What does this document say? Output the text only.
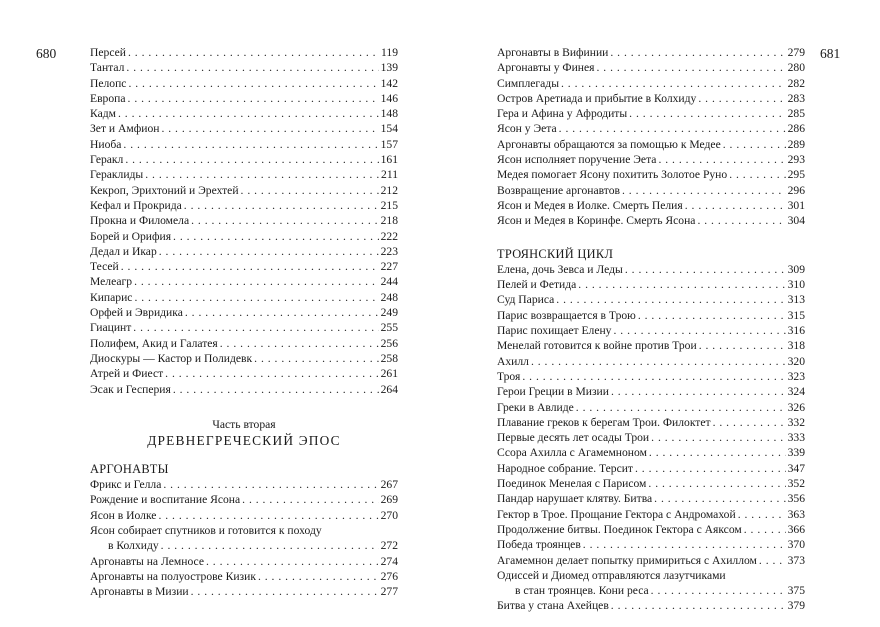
680	681
Персей . . .	119
Тантал . . .	139
Пелопс . . .	142
Европа . . .	146
Кадм . . .	148
Зет и Амфион . . .	154
Ниоба . . .	157
Геракл . . .	161
Гераклиды . . .	211
Кекроп, Эрихтоний и Эрехтей . . .	212
Кефал и Прокрида . . .	215
Прокна и Филомела . . .	218
Борей и Орифия . . .	222
Дедал и Икар . . .	223
Тесей . . .	227
Мелеагр . . .	244
Кипарис . . .	248
Орфей и Эвридика . . .	249
Гиацинт . . .	255
Полифем, Акид и Галатея . . .	256
Диоскуры — Кастор и Полидевк . . .	258
Атрей и Фиест . . .	261
Эсак и Гесперия . . .	264
Часть вторая
ДРЕВНЕГРЕЧЕСКИЙ ЭПОС
АРГОНАВТЫ
Фрикс и Гелла . . .	267
Рождение и воспитание Ясона . . .	269
Ясон в Иолке . . .	270
Ясон собирает спутников и готовится к походу
в Колхиду . . .	272
Аргонавты на Лемносе . . .	274
Аргонавты на полуострове Кизик . . .	276
Аргонавты в Мизии . . .	277
Аргонавты в Вифинии . . .	279
Аргонавты у Финея . . .	280
Симплегады . . .	282
Остров Аретиада и прибытие в Колхиду . . .	283
Гера и Афина у Афродиты . . .	285
Ясон у Эета . . .	286
Аргонавты обращаются за помощью к Медее . . .	289
Ясон исполняет поручение Эета . . .	293
Медея помогает Ясону похитить Золотое Руно . . .	295
Возвращение аргонавтов . . .	296
Ясон и Медея в Иолке. Смерть Пелия . . .	301
Ясон и Медея в Коринфе. Смерть Ясона . . .	304
ТРОЯНСКИЙ ЦИКЛ
Елена, дочь Зевса и Леды . . .	309
Пелей и Фетида . . .	310
Суд Париса . . .	313
Парис возвращается в Трою . . .	315
Парис похищает Елену . . .	316
Менелай готовится к войне против Трои . . .	318
Ахилл . . .	320
Троя . . .	323
Герои Греции в Мизии . . .	324
Греки в Авлиде . . .	326
Плавание греков к берегам Трои. Филоктет . . .	332
Первые десять лет осады Трои . . .	333
Ссора Ахилла с Агамемноном . . .	339
Народное собрание. Терсит . . .	347
Поединок Менелая с Парисом . . .	352
Пандар нарушает клятву. Битва . . .	356
Гектор в Трое. Прощание Гектора с Андромахой . . .	363
Продолжение битвы. Поединок Гектора с Аяксом . . .	366
Победа троянцев . . .	370
Агамемнон делает попытку примириться с Ахиллом . . .	373
Одиссей и Диомед отправляются лазутчиками
в стан троянцев. Кони реса . . .	375
Битва у стана Ахейцев . . .	379
